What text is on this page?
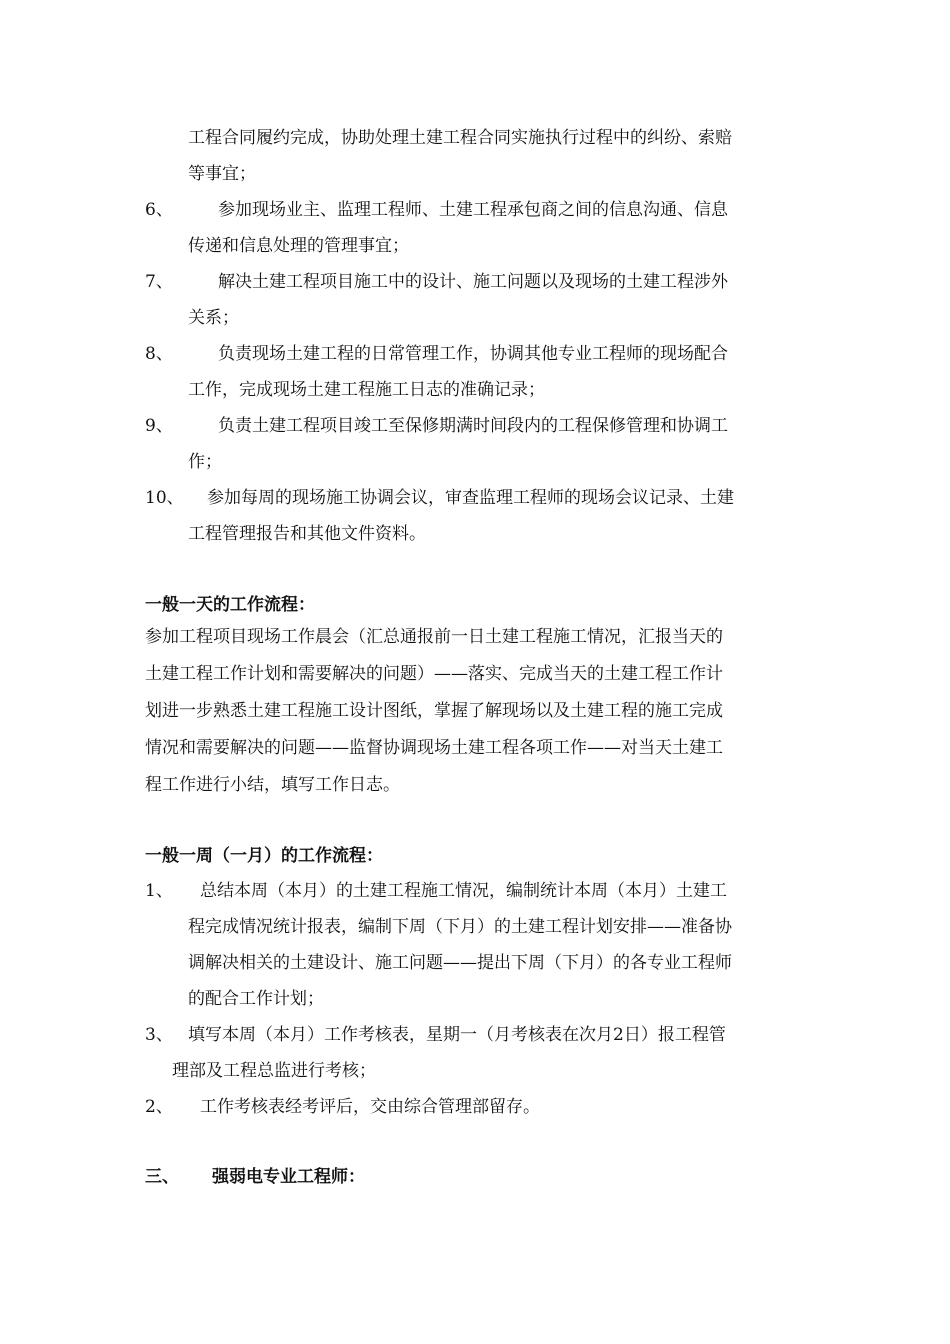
工程合同履约完成，协助处理土建工程合同实施执行过程中的纠纷、索赔
等事宜；
6、	参加现场业主、监理工程师、土建工程承包商之间的信息沟通、信息
传递和信息处理的管理事宜；
7、	解决土建工程项目施工中的设计、施工问题以及现场的土建工程涉外
关系；
8、	负责现场土建工程的日常管理工作，协调其他专业工程师的现场配合
工作，完成现场土建工程施工日志的准确记录；
9、	负责土建工程项目竣工至保修期满时间段内的工程保修管理和协调工
作；
10、 参加每周的现场施工协调会议，审查监理工程师的现场会议记录、土建
工程管理报告和其他文件资料。
一般一天的工作流程：
参加工程项目现场工作晨会（汇总通报前一日土建工程施工情况，汇报当天的
土建工程工作计划和需要解决的问题）——落实、完成当天的土建工程工作计
划进一步熟悉土建工程施工设计图纸，掌握了解现场以及土建工程的施工完成
情况和需要解决的问题——监督协调现场土建工程各项工作——对当天土建工
程工作进行小结，填写工作日志。
一般一周（一月）的工作流程：
1、 总结本周（本月）的土建工程施工情况，编制统计本周（本月）土建工
程完成情况统计报表，编制下周（下月）的土建工程计划安排——准备协
调解决相关的土建设计、施工问题——提出下周（下月）的各专业工程师
的配合工作计划；
3、 填写本周（本月）工作考核表，星期一（月考核表在次月2日）报工程管
理部及工程总监进行考核；
2、 工作考核表经考评后，交由综合管理部留存。
三、 强弱电专业工程师：
